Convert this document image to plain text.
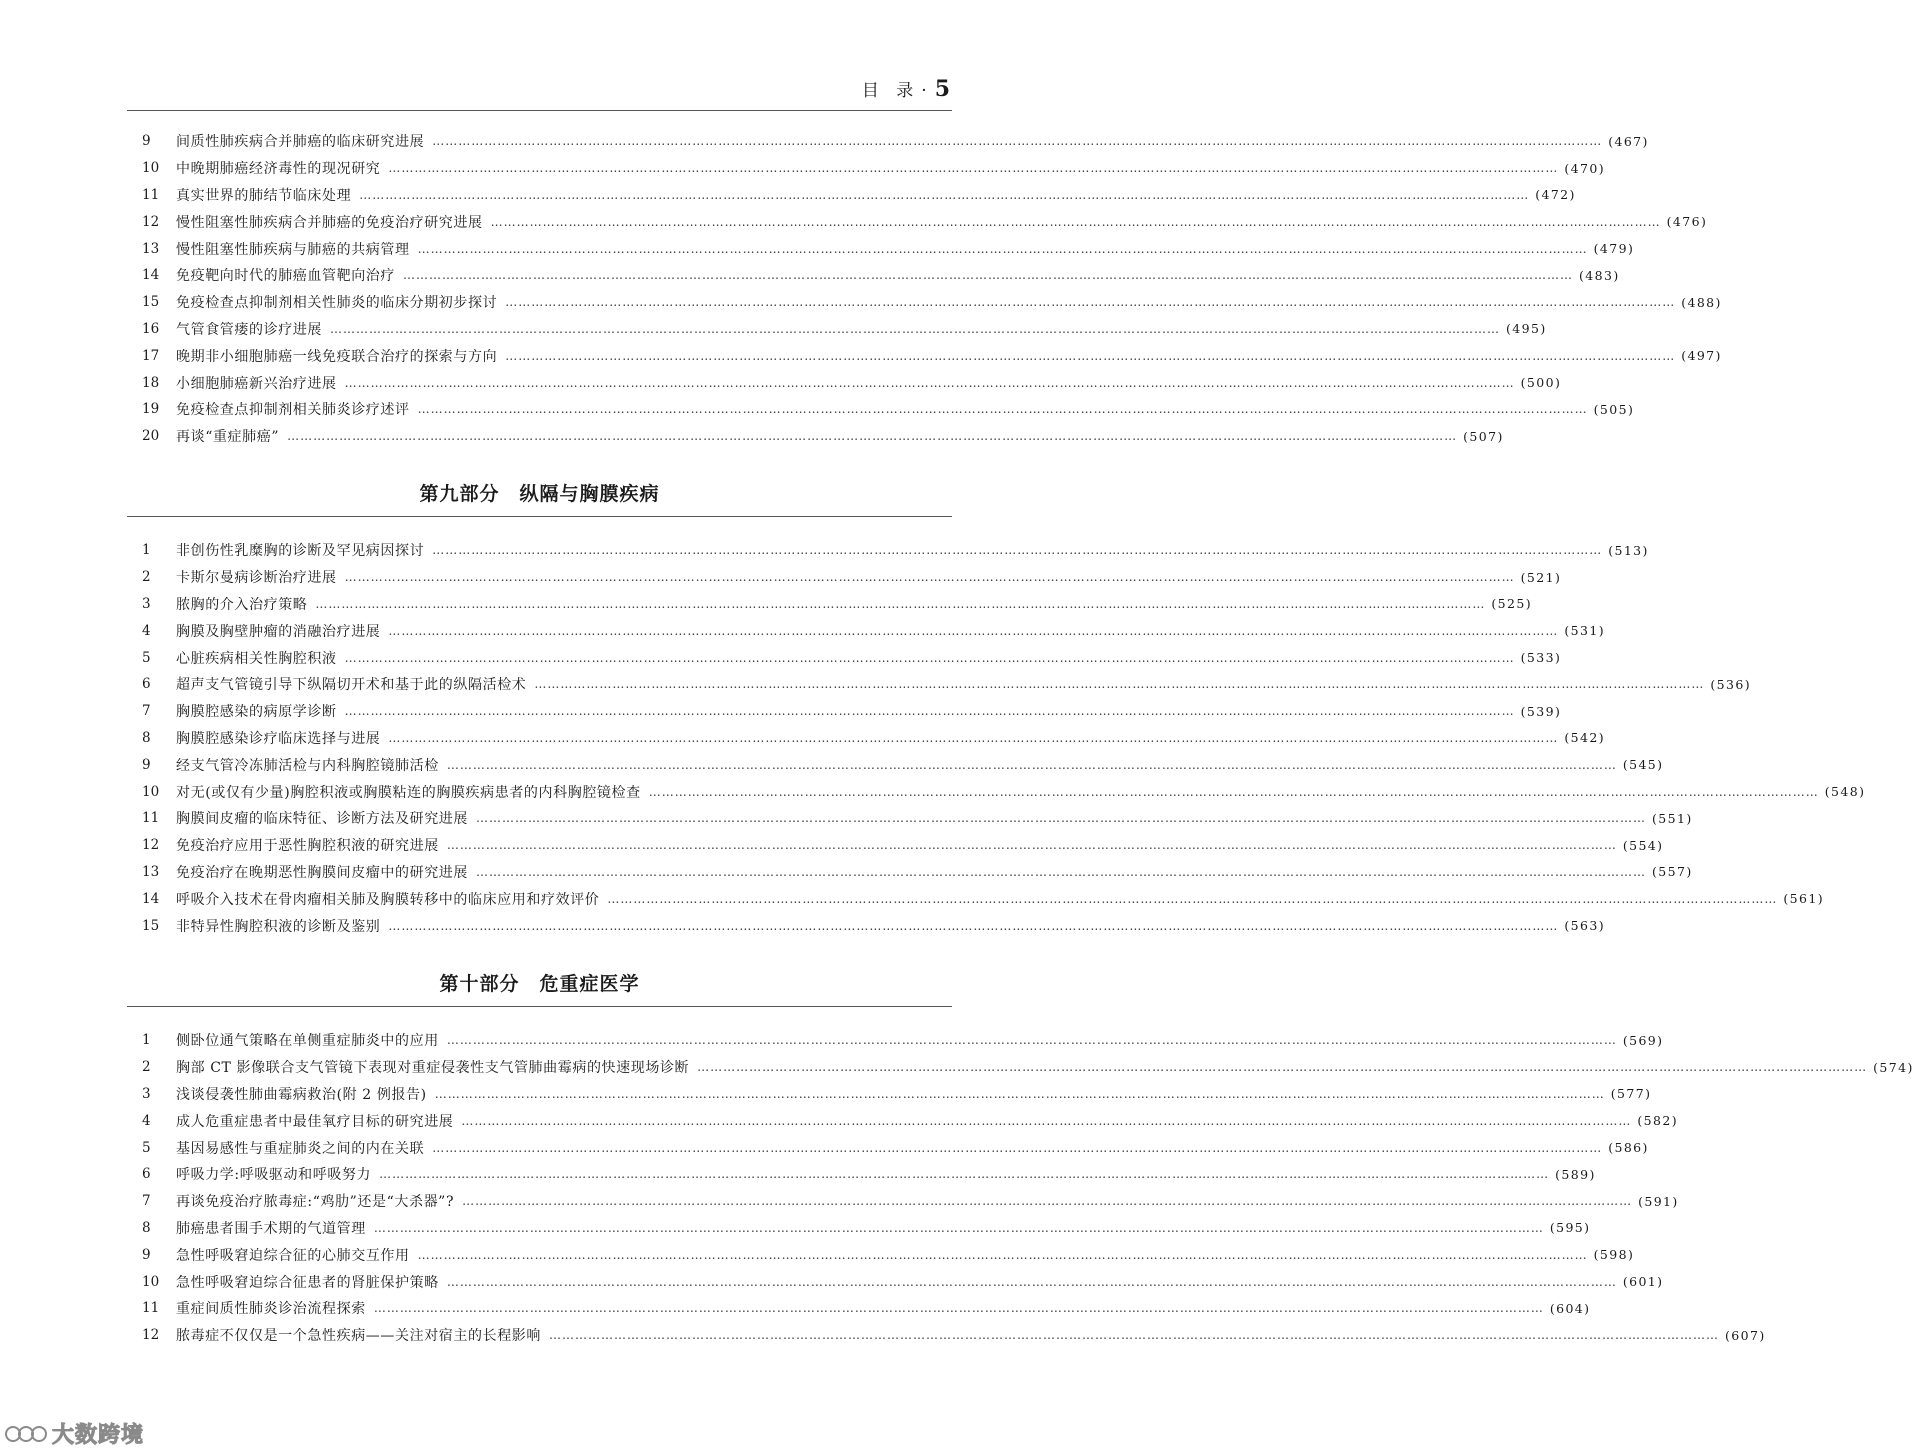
目 录 · 5
9	间质性肺疾病合并肺癌的临床研究进展 ……………………………………………………………………………………………………………………………………………………………………………………………………………………………………………… (467)
10	中晚期肺癌经济毒性的现况研究 ……………………………………………………………………………………………………………………………………………………………………………………………………………………………………………… (470)
11	真实世界的肺结节临床处理 ……………………………………………………………………………………………………………………………………………………………………………………………………………………………………………… (472)
12	慢性阻塞性肺疾病合并肺癌的免疫治疗研究进展 ……………………………………………………………………………………………………………………………………………………………………………………………………………………………………………… (476)
13	慢性阻塞性肺疾病与肺癌的共病管理 ……………………………………………………………………………………………………………………………………………………………………………………………………………………………………………… (479)
14	免疫靶向时代的肺癌血管靶向治疗 ……………………………………………………………………………………………………………………………………………………………………………………………………………………………………………… (483)
15	免疫检查点抑制剂相关性肺炎的临床分期初步探讨 ……………………………………………………………………………………………………………………………………………………………………………………………………………………………………………… (488)
16	气管食管瘘的诊疗进展 ……………………………………………………………………………………………………………………………………………………………………………………………………………………………………………… (495)
17	晚期非小细胞肺癌一线免疫联合治疗的探索与方向 ……………………………………………………………………………………………………………………………………………………………………………………………………………………………………………… (497)
18	小细胞肺癌新兴治疗进展 ……………………………………………………………………………………………………………………………………………………………………………………………………………………………………………… (500)
19	免疫检查点抑制剂相关肺炎诊疗述评 ……………………………………………………………………………………………………………………………………………………………………………………………………………………………………………… (505)
20	再谈“重症肺癌” ……………………………………………………………………………………………………………………………………………………………………………………………………………………………………………… (507)
第九部分　纵隔与胸膜疾病
1	非创伤性乳糜胸的诊断及罕见病因探讨 ……………………………………………………………………………………………………………………………………………………………………………………………………………………………………………… (513)
2	卡斯尔曼病诊断治疗进展 ……………………………………………………………………………………………………………………………………………………………………………………………………………………………………………… (521)
3	脓胸的介入治疗策略 ……………………………………………………………………………………………………………………………………………………………………………………………………………………………………………… (525)
4	胸膜及胸壁肿瘤的消融治疗进展 ……………………………………………………………………………………………………………………………………………………………………………………………………………………………………………… (531)
5	心脏疾病相关性胸腔积液 ……………………………………………………………………………………………………………………………………………………………………………………………………………………………………………… (533)
6	超声支气管镜引导下纵隔切开术和基于此的纵隔活检术 ……………………………………………………………………………………………………………………………………………………………………………………………………………………………………………… (536)
7	胸膜腔感染的病原学诊断 ……………………………………………………………………………………………………………………………………………………………………………………………………………………………………………… (539)
8	胸膜腔感染诊疗临床选择与进展 ……………………………………………………………………………………………………………………………………………………………………………………………………………………………………………… (542)
9	经支气管冷冻肺活检与内科胸腔镜肺活检 ……………………………………………………………………………………………………………………………………………………………………………………………………………………………………………… (545)
10	对无(或仅有少量)胸腔积液或胸膜粘连的胸膜疾病患者的内科胸腔镜检查 ……………………………………………………………………………………………………………………………………………………………………………………………………………………………………………… (548)
11	胸膜间皮瘤的临床特征、诊断方法及研究进展 ……………………………………………………………………………………………………………………………………………………………………………………………………………………………………………… (551)
12	免疫治疗应用于恶性胸腔积液的研究进展 ……………………………………………………………………………………………………………………………………………………………………………………………………………………………………………… (554)
13	免疫治疗在晚期恶性胸膜间皮瘤中的研究进展 ……………………………………………………………………………………………………………………………………………………………………………………………………………………………………………… (557)
14	呼吸介入技术在骨肉瘤相关肺及胸膜转移中的临床应用和疗效评价 ……………………………………………………………………………………………………………………………………………………………………………………………………………………………………………… (561)
15	非特异性胸腔积液的诊断及鉴别 ……………………………………………………………………………………………………………………………………………………………………………………………………………………………………………… (563)
第十部分　危重症医学
1	侧卧位通气策略在单侧重症肺炎中的应用 ……………………………………………………………………………………………………………………………………………………………………………………………………………………………………………… (569)
2	胸部 CT 影像联合支气管镜下表现对重症侵袭性支气管肺曲霉病的快速现场诊断 ……………………………………………………………………………………………………………………………………………………………………………………………………………………………………………… (574)
3	浅谈侵袭性肺曲霉病救治(附 2 例报告) ……………………………………………………………………………………………………………………………………………………………………………………………………………………………………………… (577)
4	成人危重症患者中最佳氧疗目标的研究进展 ……………………………………………………………………………………………………………………………………………………………………………………………………………………………………………… (582)
5	基因易感性与重症肺炎之间的内在关联 ……………………………………………………………………………………………………………………………………………………………………………………………………………………………………………… (586)
6	呼吸力学:呼吸驱动和呼吸努力 ……………………………………………………………………………………………………………………………………………………………………………………………………………………………………………… (589)
7	再谈免疫治疗脓毒症:“鸡肋”还是“大杀器”? ……………………………………………………………………………………………………………………………………………………………………………………………………………………………………………… (591)
8	肺癌患者围手术期的气道管理 ……………………………………………………………………………………………………………………………………………………………………………………………………………………………………………… (595)
9	急性呼吸窘迫综合征的心肺交互作用 ……………………………………………………………………………………………………………………………………………………………………………………………………………………………………………… (598)
10	急性呼吸窘迫综合征患者的肾脏保护策略 ……………………………………………………………………………………………………………………………………………………………………………………………………………………………………………… (601)
11	重症间质性肺炎诊治流程探索 ……………………………………………………………………………………………………………………………………………………………………………………………………………………………………………… (604)
12	脓毒症不仅仅是一个急性疾病——关注对宿主的长程影响 ……………………………………………………………………………………………………………………………………………………………………………………………………………………………………………… (607)
大数跨境
